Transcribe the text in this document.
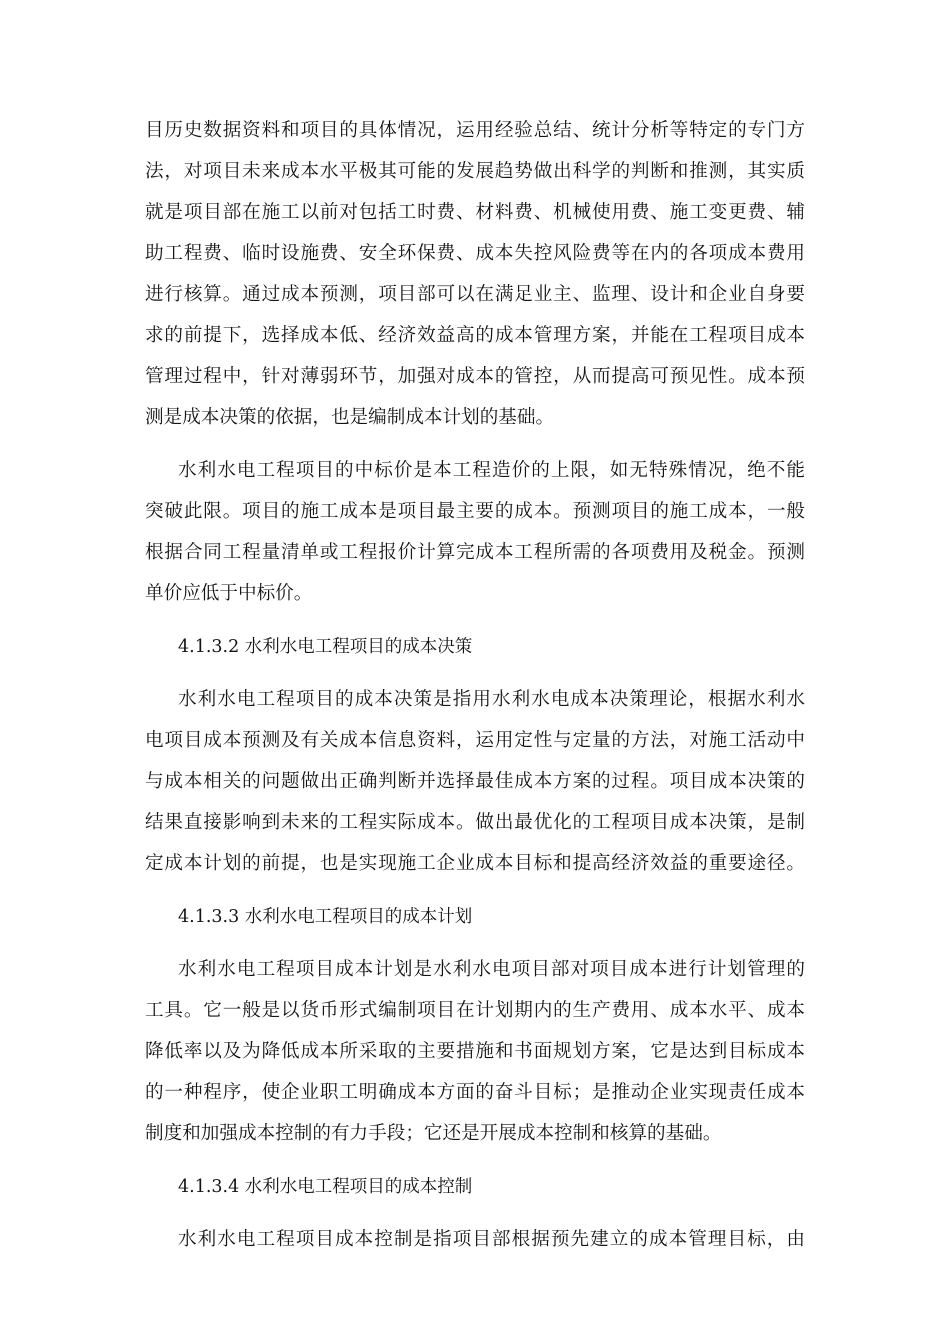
目历史数据资料和项目的具体情况，运用经验总结、统计分析等特定的专门方
法，对项目未来成本水平极其可能的发展趋势做出科学的判断和推测，其实质
就是项目部在施工以前对包括工时费、材料费、机械使用费、施工变更费、辅
助工程费、临时设施费、安全环保费、成本失控风险费等在内的各项成本费用
进行核算。通过成本预测，项目部可以在满足业主、监理、设计和企业自身要
求的前提下，选择成本低、经济效益高的成本管理方案，并能在工程项目成本
管理过程中，针对薄弱环节，加强对成本的管控，从而提高可预见性。成本预
测是成本决策的依据，也是编制成本计划的基础。
水利水电工程项目的中标价是本工程造价的上限，如无特殊情况，绝不能
突破此限。项目的施工成本是项目最主要的成本。预测项目的施工成本，一般
根据合同工程量清单或工程报价计算完成本工程所需的各项费用及税金。预测
单价应低于中标价。
4.1.3.2 水利水电工程项目的成本决策
水利水电工程项目的成本决策是指用水利水电成本决策理论，根据水利水
电项目成本预测及有关成本信息资料，运用定性与定量的方法，对施工活动中
与成本相关的问题做出正确判断并选择最佳成本方案的过程。项目成本决策的
结果直接影响到未来的工程实际成本。做出最优化的工程项目成本决策，是制
定成本计划的前提，也是实现施工企业成本目标和提高经济效益的重要途径。
4.1.3.3 水利水电工程项目的成本计划
水利水电工程项目成本计划是水利水电项目部对项目成本进行计划管理的
工具。它一般是以货币形式编制项目在计划期内的生产费用、成本水平、成本
降低率以及为降低成本所采取的主要措施和书面规划方案，它是达到目标成本
的一种程序，使企业职工明确成本方面的奋斗目标；是推动企业实现责任成本
制度和加强成本控制的有力手段；它还是开展成本控制和核算的基础。
4.1.3.4 水利水电工程项目的成本控制
水利水电工程项目成本控制是指项目部根据预先建立的成本管理目标，由
